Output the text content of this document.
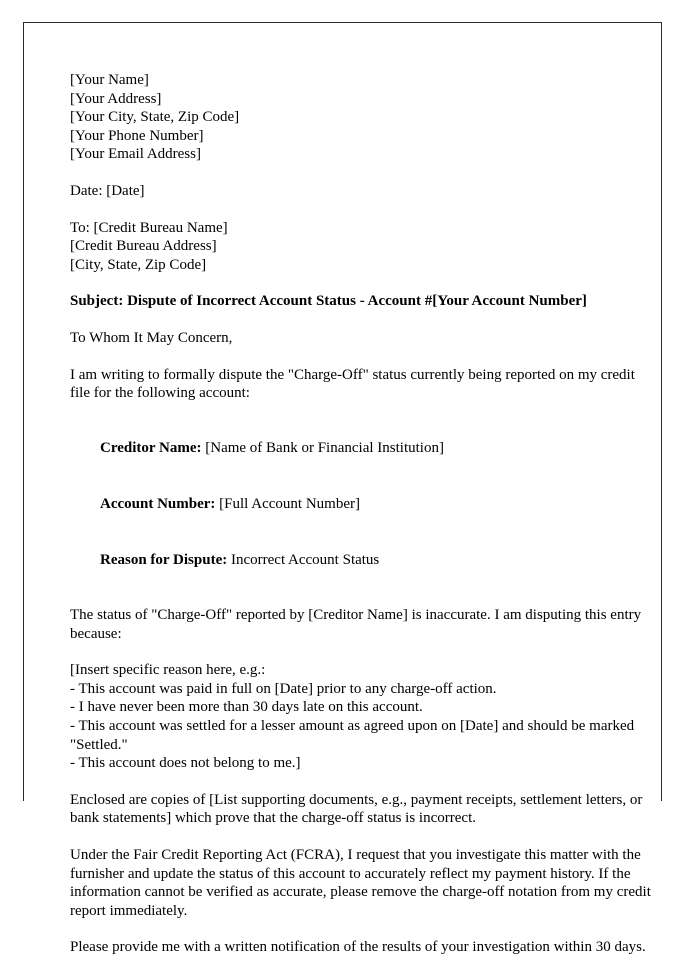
[Your Name]
[Your Address]
[Your City, State, Zip Code]
[Your Phone Number]
[Your Email Address]
Date: [Date]
To: [Credit Bureau Name]
[Credit Bureau Address]
[City, State, Zip Code]
Subject: Dispute of Incorrect Account Status - Account #[Your Account Number]
To Whom It May Concern,
I am writing to formally dispute the "Charge-Off" status currently being reported on my credit file for the following account:

Creditor Name: [Name of Bank or Financial Institution]

Account Number: [Full Account Number]

Reason for Dispute: Incorrect Account Status

The status of "Charge-Off" reported by [Creditor Name] is inaccurate. I am disputing this entry because:
[Insert specific reason here, e.g.:
- This account was paid in full on [Date] prior to any charge-off action.
- I have never been more than 30 days late on this account.
- This account was settled for a lesser amount as agreed upon on [Date] and should be marked "Settled."
- This account does not belong to me.]
Enclosed are copies of [List supporting documents, e.g., payment receipts, settlement letters, or bank statements] which prove that the charge-off status is incorrect.
Under the Fair Credit Reporting Act (FCRA), I request that you investigate this matter with the furnisher and update the status of this account to accurately reflect my payment history. If the information cannot be verified as accurate, please remove the charge-off notation from my credit report immediately.
Please provide me with a written notification of the results of your investigation within 30 days.
